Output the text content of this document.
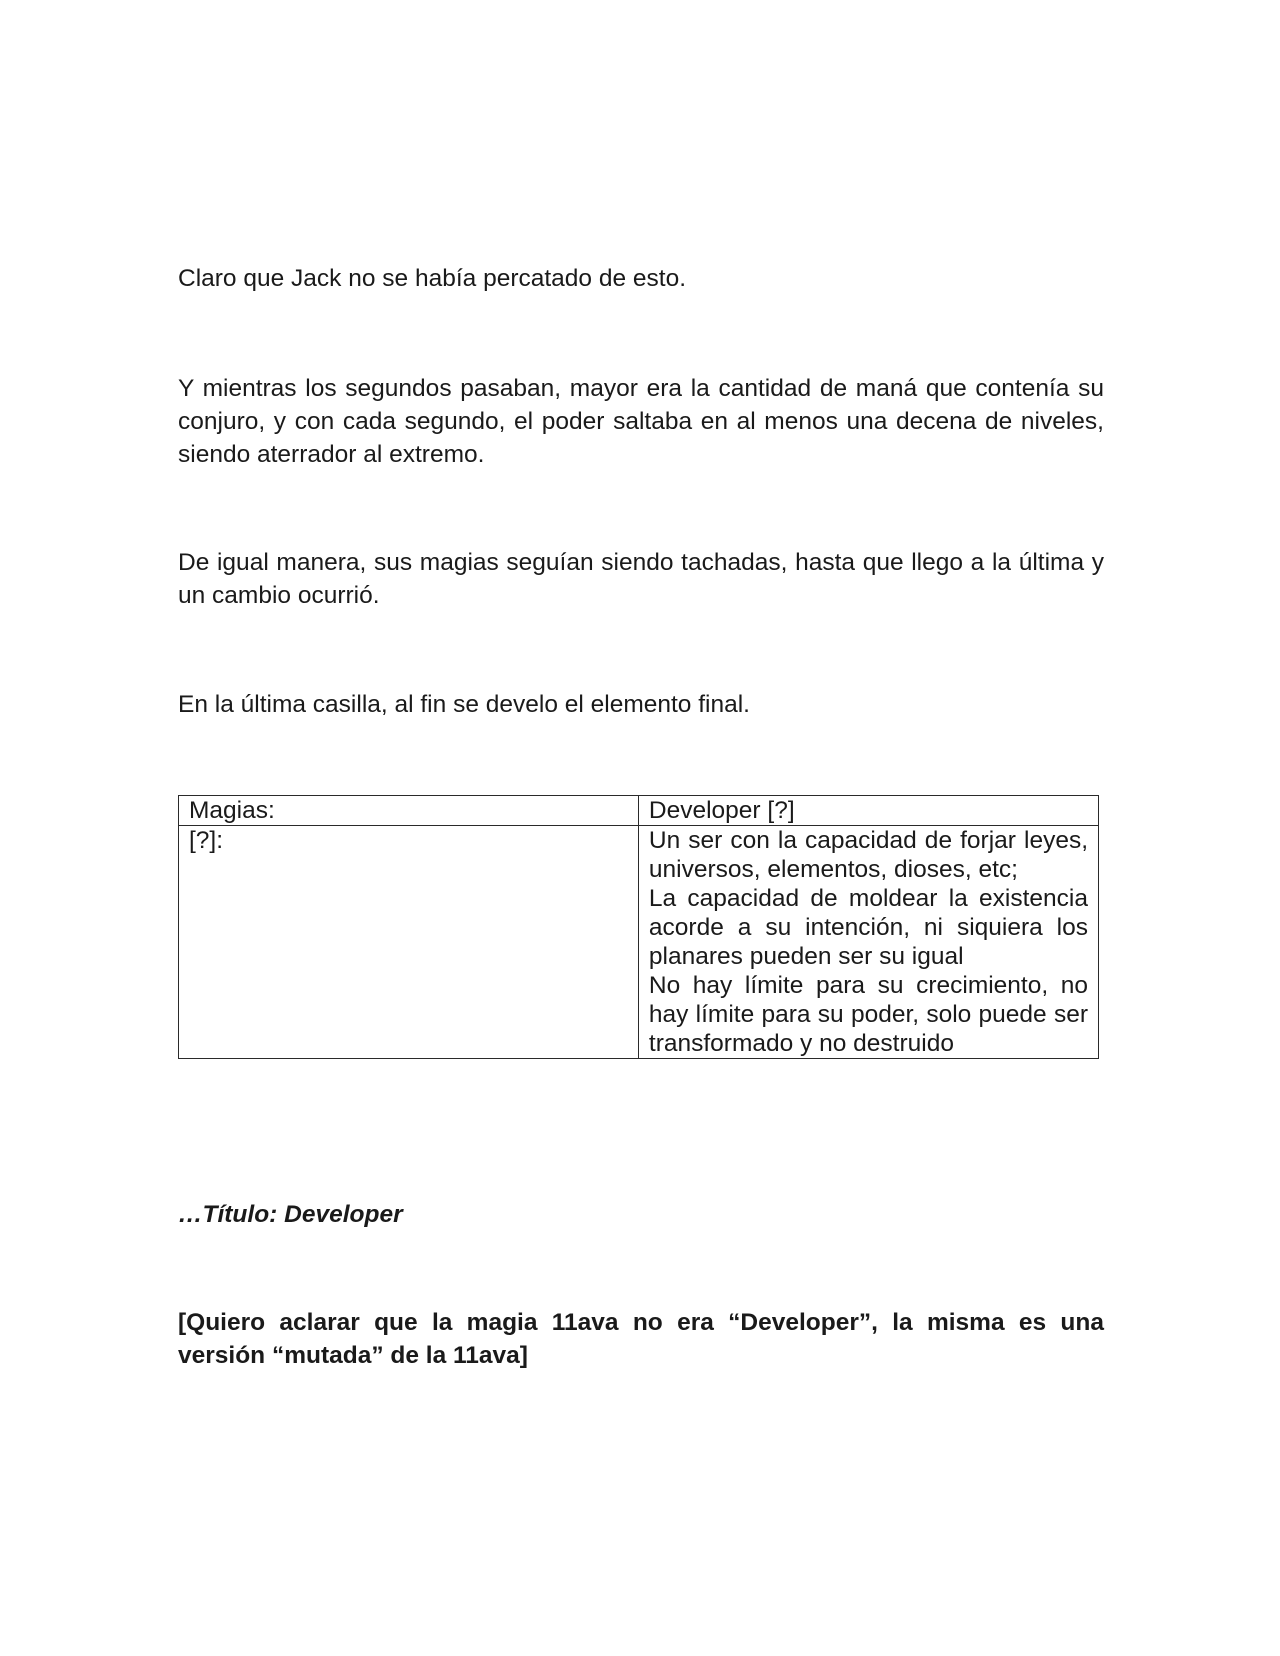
Claro que Jack no se había percatado de esto.

Y mientras los segundos pasaban, mayor era la cantidad de maná que contenía su conjuro, y con cada segundo, el poder saltaba en al menos una decena de niveles, siendo aterrador al extremo.

De igual manera, sus magias seguían siendo tachadas, hasta que llego a la última y un cambio ocurrió.

En la última casilla, al fin se develo el elemento final.

Magias:	Developer [?]
[?]:	Un ser con la capacidad de forjar leyes, universos, elementos, dioses, etc;
La capacidad de moldear la existencia acorde a su intención, ni siquiera los planares pueden ser su igual
No hay límite para su crecimiento, no hay límite para su poder, solo puede ser transformado y no destruido

…Título: Developer

[Quiero aclarar que la magia 11ava no era “Developer”, la misma es una versión “mutada” de la 11ava]
